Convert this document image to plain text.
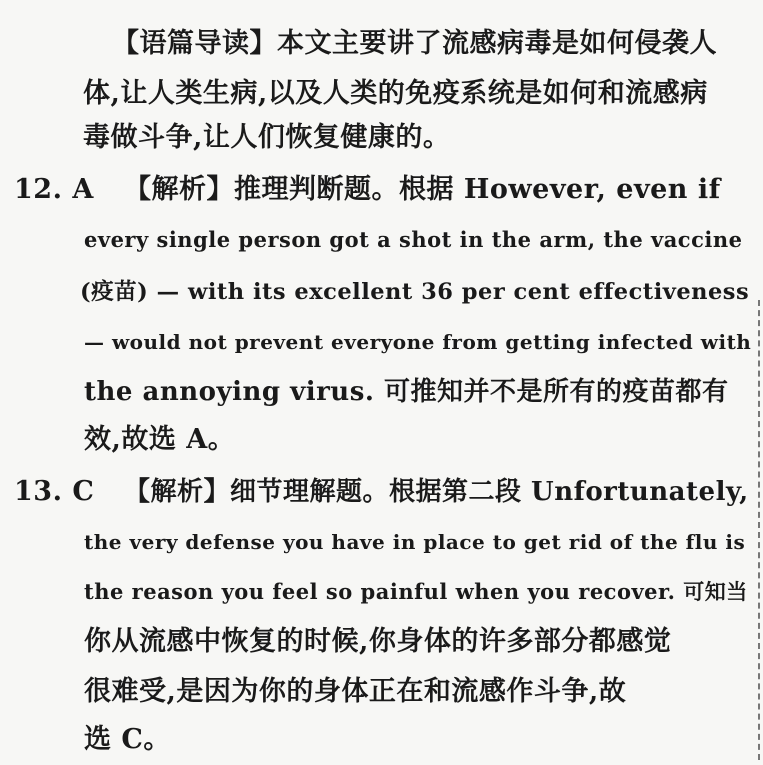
【语篇导读】本文主要讲了流感病毒是如何侵袭人
体,让人类生病,以及人类的免疫系统是如何和流感病
毒做斗争,让人们恢复健康的。
12. A 【解析】推理判断题。根据 However, even if
every single person got a shot in the arm, the vaccine
(疫苗) — with its excellent 36 per cent effectiveness
— would not prevent everyone from getting infected with
the annoying virus. 可推知并不是所有的疫苗都有
效,故选 A。
13. C 【解析】细节理解题。根据第二段 Unfortunately,
the very defense you have in place to get rid of the flu is
the reason you feel so painful when you recover. 可知当
你从流感中恢复的时候,你身体的许多部分都感觉
很难受,是因为你的身体正在和流感作斗争,故
选 C。
